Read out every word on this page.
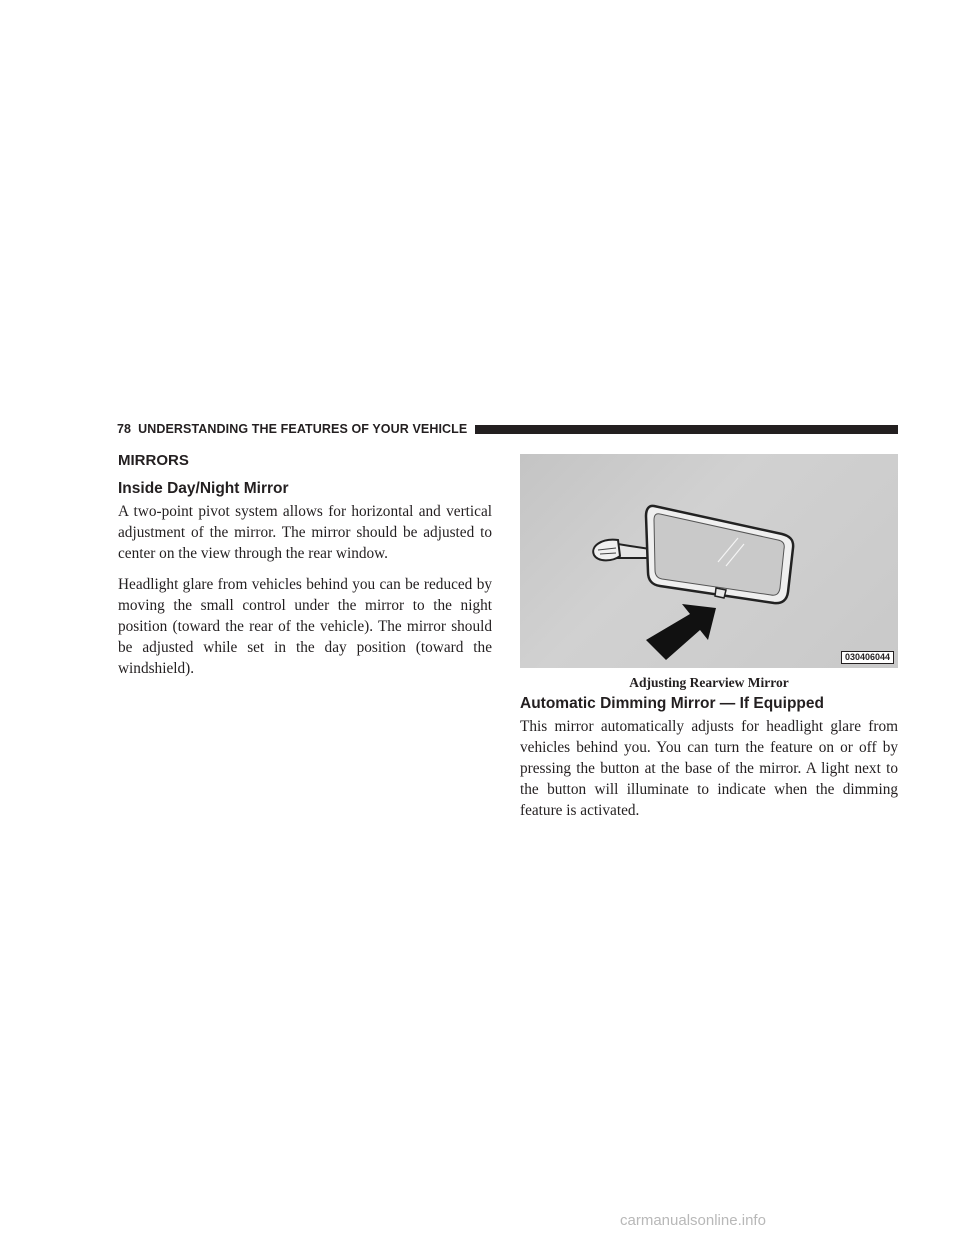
78 UNDERSTANDING THE FEATURES OF YOUR VEHICLE
MIRRORS
Inside Day/Night Mirror

A two-point pivot system allows for horizontal and vertical adjustment of the mirror. The mirror should be adjusted to center on the view through the rear window.

Headlight glare from vehicles behind you can be reduced by moving the small control under the mirror to the night position (toward the rear of the vehicle). The mirror should be adjusted while set in the day position (toward the windshield).

030406044
Adjusting Rearview Mirror
Automatic Dimming Mirror — If Equipped

This mirror automatically adjusts for headlight glare from vehicles behind you. You can turn the feature on or off by pressing the button at the base of the mirror. A light next to the button will illuminate to indicate when the dimming feature is activated.

carmanualsonline.info
